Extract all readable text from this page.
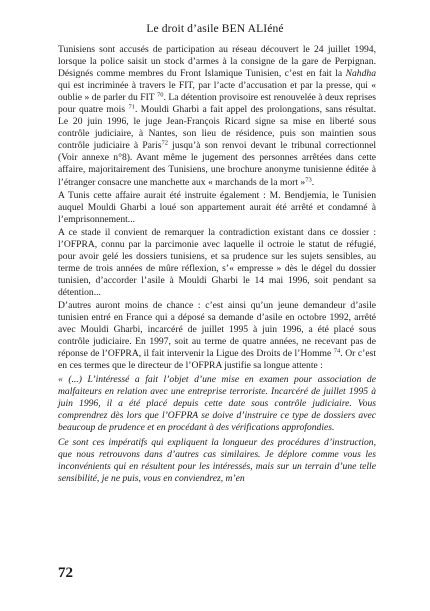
Le droit d’asile BEN ALIéné

Tunisiens sont accusés de participation au réseau découvert le 24 juillet 1994, lorsque la police saisit un stock d’armes à la consigne de la gare de Perpignan. Désignés comme membres du Front Islamique Tunisien, c’est en fait la Nahdha qui est incriminée à travers le FIT, par l’acte d’accusation et par la presse, qui « oublie » de parler du FIT $^{70}$. La détention provisoire est renouvelée à deux reprises pour quatre mois $^{71}$. Mouldi Gharbi a fait appel des prolongations, sans résultat. Le 20 juin 1996, le juge Jean-François Ricard signe sa mise en liberté sous contrôle judiciaire, à Nantes, son lieu de résidence, puis son maintien sous contrôle judiciaire à Paris$^{72}$ jusqu’à son renvoi devant le tribunal correctionnel (Voir annexe n°8). Avant même le jugement des personnes arrêtées dans cette affaire, majoritairement des Tunisiens, une brochure anonyme tunisienne éditée à l’étranger consacre une manchette aux « marchands de la mort »$^{73}$.

A Tunis cette affaire aurait été instruite également : M. Bendjemia, le Tunisien auquel Mouldi Gharbi a loué son appartement aurait été arrêté et condamné à l’emprisonnement...

A ce stade il convient de remarquer la contradiction existant dans ce dossier : l’OFPRA, connu par la parcimonie avec laquelle il octroie le statut de réfugié, pour avoir gelé les dossiers tunisiens, et sa prudence sur les sujets sensibles, au terme de trois années de mûre réflexion, s’« empresse » dès le dégel du dossier tunisien, d’accorder l’asile à Mouldi Gharbi le 14 mai 1996, soit pendant sa détention...

D’autres auront moins de chance : c’est ainsi qu’un jeune demandeur d’asile tunisien entré en France qui a déposé sa demande d’asile en octobre 1992, arrêté avec Mouldi Gharbi, incarcéré de juillet 1995 à juin 1996, a été placé sous contrôle judiciaire. En 1997, soit au terme de quatre années, ne recevant pas de réponse de l’OFPRA, il fait intervenir la Ligue des Droits de l’Homme $^{74}$. Or c’est en ces termes que le directeur de l’OFPRA justifie sa longue attente :

« (...) L’intéressé a fait l’objet d’une mise en examen pour association de malfaiteurs en relation avec une entreprise terroriste. Incarcéré de juillet 1995 à juin 1996, il a été placé depuis cette date sous contrôle judiciaire. Vous comprendrez dès lors que l’OFPRA se doive d’instruire ce type de dossiers avec beaucoup de prudence et en procédant à des vérifications approfondies.

Ce sont ces impératifs qui expliquent la longueur des procédures d’instruction, que nous retrouvons dans d’autres cas similaires. Je déplore comme vous les inconvénients qui en résultent pour les intéressés, mais sur un terrain d’une telle sensibilité, je ne puis, vous en conviendrez, m’en

72
